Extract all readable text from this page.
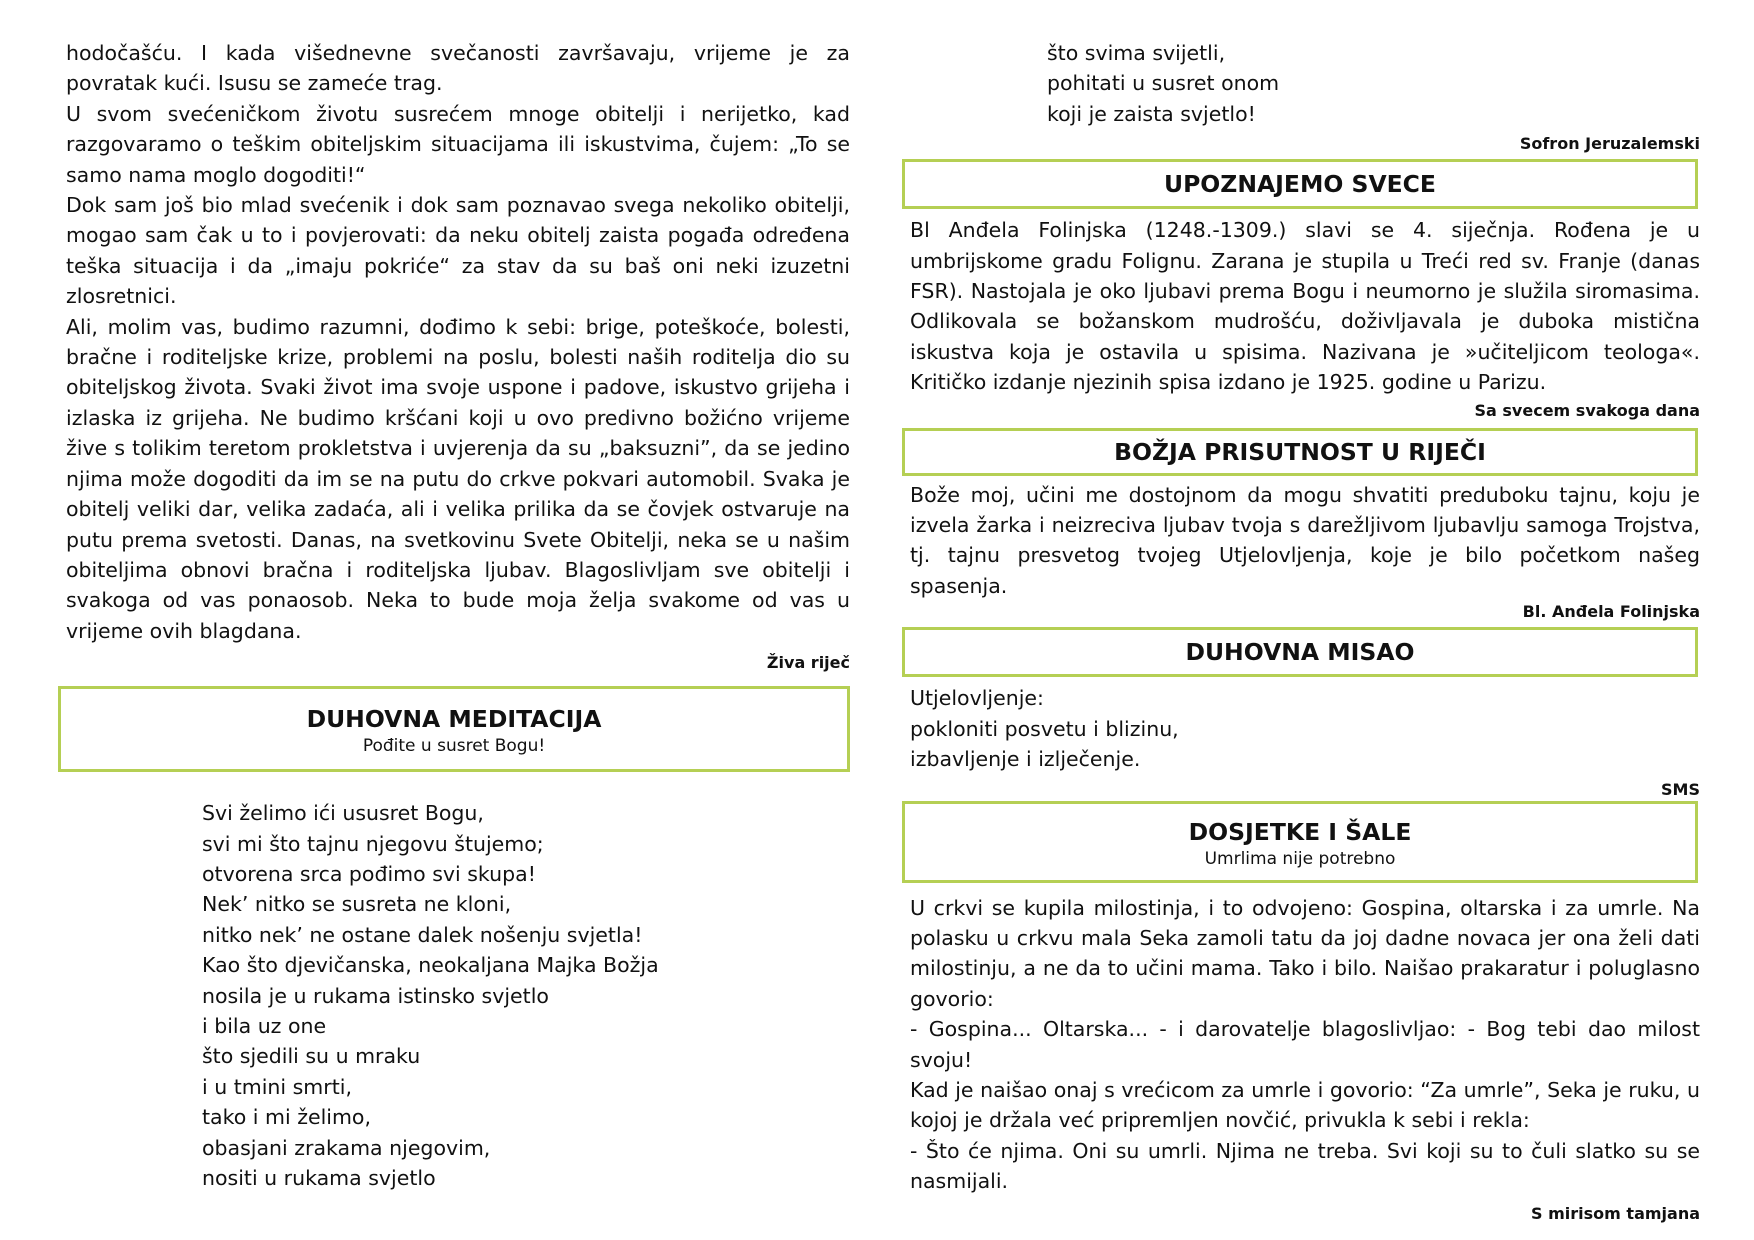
hodočašću. I kada višednevne svečanosti završavaju, vrijeme je za povratak kući. Isusu se zameće trag.

U svom svećeničkom životu susrećem mnoge obitelji i nerijetko, kad razgovaramo o teškim obiteljskim situacijama ili iskustvima, čujem: „To se samo nama moglo dogoditi!“

Dok sam još bio mlad svećenik i dok sam poznavao svega nekoliko obitelji, mogao sam čak u to i povjerovati: da neku obitelj zaista pogađa određena teška situacija i da „imaju pokriće“ za stav da su baš oni neki izuzetni zlosretnici.

Ali, molim vas, budimo razumni, dođimo k sebi: brige, poteškoće, bolesti, bračne i roditeljske krize, problemi na poslu, bolesti naših roditelja dio su obiteljskog života. Svaki život ima svoje uspone i padove, iskustvo grijeha i izlaska iz grijeha. Ne budimo kršćani koji u ovo predivno božićno vrijeme žive s tolikim teretom prokletstva i uvjerenja da su „baksuzni”, da se jedino njima može dogoditi da im se na putu do crkve pokvari automobil. Svaka je obitelj veliki dar, velika zadaća, ali i velika prilika da se čovjek ostvaruje na putu prema svetosti. Danas, na svetkovinu Svete Obitelji, neka se u našim obiteljima obnovi bračna i roditeljska ljubav. Blagoslivljam sve obitelji i svakoga od vas ponaosob. Neka to bude moja želja svakome od vas u vrijeme ovih blagdana.

Živa riječ
DUHOVNA MEDITACIJA
Pođite u susret Bogu!

Svi želimo ići ususret Bogu,

svi mi što tajnu njegovu štujemo;

otvorena srca pođimo svi skupa!

Nek’ nitko se susreta ne kloni,

nitko nek’ ne ostane dalek nošenju svjetla!

Kao što djevičanska, neokaljana Majka Božja

nosila je u rukama istinsko svjetlo

i bila uz one

što sjedili su u mraku

i u tmini smrti,

tako i mi želimo,

obasjani zrakama njegovim,

nositi u rukama svjetlo

što svima svijetli,

pohitati u susret onom

koji je zaista svjetlo!

Sofron Jeruzalemski
UPOZNAJEMO SVECE

Bl Anđela Folinjska (1248.-1309.) slavi se 4. siječnja. Rođena je u umbrijskome gradu Folignu. Zarana je stupila u Treći red sv. Franje (danas FSR). Nastojala je oko ljubavi prema Bogu i neumorno je služila siromasima. Odlikovala se božanskom mudrošću, doživljavala je duboka mistična iskustva koja je ostavila u spisima. Nazivana je »učiteljicom teologa«. Kritičko izdanje njezinih spisa izdano je 1925. godine u Parizu.

Sa svecem svakoga dana
BOŽJA PRISUTNOST U RIJEČI

Bože moj, učini me dostojnom da mogu shvatiti preduboku tajnu, koju je izvela žarka i neizreciva ljubav tvoja s darežljivom ljubavlju samoga Trojstva, tj. tajnu presvetog tvojeg Utjelovljenja, koje je bilo početkom našeg spasenja.

Bl. Anđela Folinjska
DUHOVNA MISAO

Utjelovljenje:

pokloniti posvetu i blizinu,

izbavljenje i izlječenje.

SMS
DOSJETKE I ŠALE
Umrlima nije potrebno

U crkvi se kupila milostinja, i to odvojeno: Gospina, oltarska i za umrle. Na polasku u crkvu mala Seka zamoli tatu da joj dadne novaca jer ona želi dati milostinju, a ne da to učini mama. Tako i bilo. Naišao prakaratur i poluglasno govorio:

- Gospina... Oltarska... - i darovatelje blagoslivljao: - Bog tebi dao milost svoju!

Kad je naišao onaj s vrećicom za umrle i govorio: “Za umrle”, Seka je ruku, u kojoj je držala već pripremljen novčić, privukla k sebi i rekla:

- Što će njima. Oni su umrli. Njima ne treba. Svi koji su to čuli slatko su se nasmijali.

S mirisom tamjana
